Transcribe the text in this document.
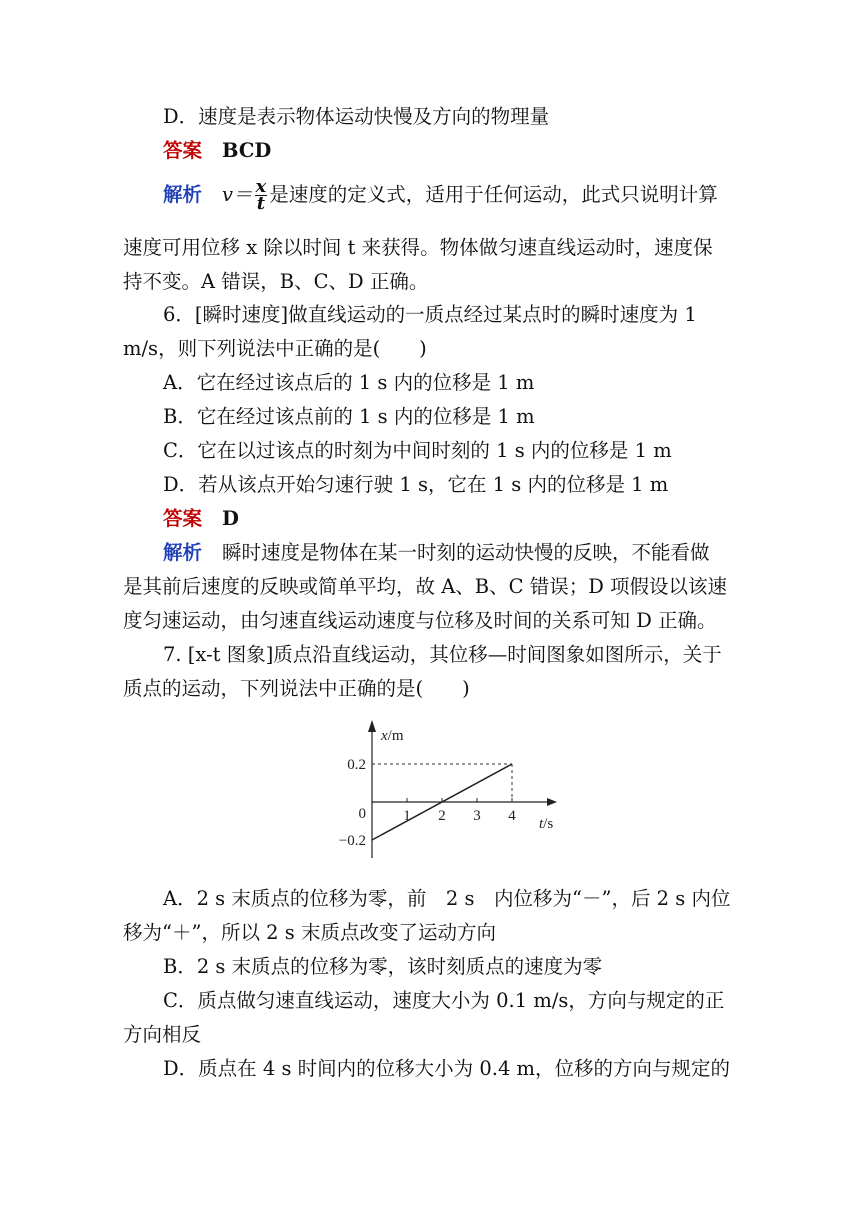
D．速度是表示物体运动快慢及方向的物理量
答案 BCD
解析 $v= \frac{x}{t}$ 是速度的定义式，适用于任何运动，此式只说明计算
速度可用位移 x 除以时间 t 来获得。物体做匀速直线运动时，速度保
持不变。A 错误，B、C、D 正确。
6．[瞬时速度]做直线运动的一质点经过某点时的瞬时速度为 1
m/s，则下列说法中正确的是(　　)
A．它在经过该点后的 1 s 内的位移是 1 m
B．它在经过该点前的 1 s 内的位移是 1 m
C．它在以过该点的时刻为中间时刻的 1 s 内的位移是 1 m
D．若从该点开始匀速行驶 1 s，它在 1 s 内的位移是 1 m
答案 D
解析 瞬时速度是物体在某一时刻的运动快慢的反映，不能看做
是其前后速度的反映或简单平均，故 A、B、C 错误；D 项假设以该速
度匀速运动，由匀速直线运动速度与位移及时间的关系可知 D 正确。
7. [x-t 图象]质点沿直线运动，其位移—时间图象如图所示，关于
质点的运动，下列说法中正确的是(　　)
x/m
t/s
1 2 3 4
0.2
0
−0.2
A．2 s 末质点的位移为零，前　2 s　内位移为“－”，后 2 s 内位
移为“＋”，所以 2 s 末质点改变了运动方向
B．2 s 末质点的位移为零，该时刻质点的速度为零
C．质点做匀速直线运动，速度大小为 0.1 m/s，方向与规定的正
方向相反
D．质点在 4 s 时间内的位移大小为 0.4 m，位移的方向与规定的
